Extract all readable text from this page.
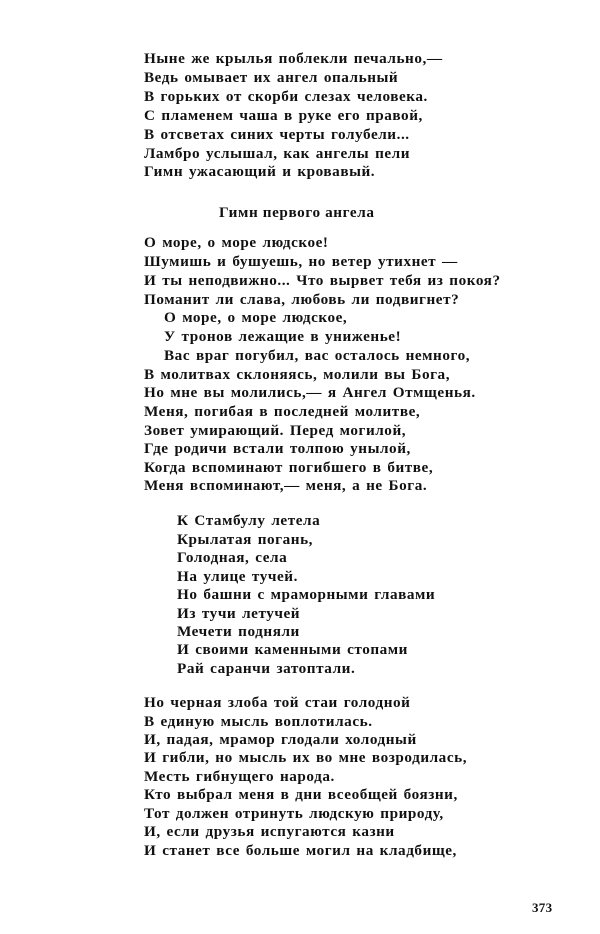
Ныне же крылья поблекли печально,—
Ведь омывает их ангел опальный
В горьких от скорби слезах человека.
С пламенем чаша в руке его правой,
В отсветах синих черты голубели...
Ламбро услышал, как ангелы пели
Гимн ужасающий и кровавый.
Гимн первого ангела
О море, о море людское!
Шумишь и бушуешь, но ветер утихнет —
И ты неподвижно... Что вырвет тебя из покоя?
Поманит ли слава, любовь ли подвигнет?
О море, о море людское,
У тронов лежащие в униженье!
Вас враг погубил, вас осталось немного,
В молитвах склоняясь, молили вы Бога,
Но мне вы молились,— я Ангел Отмщенья.
Меня, погибая в последней молитве,
Зовет умирающий. Перед могилой,
Где родичи встали толпою унылой,
Когда вспоминают погибшего в битве,
Меня вспоминают,— меня, а не Бога.
К Стамбулу летела
Крылатая погань,
Голодная, села
На улице тучей.
Но башни с мраморными главами
Из тучи летучей
Мечети подняли
И своими каменными стопами
Рай саранчи затоптали.
Но черная злоба той стаи голодной
В единую мысль воплотилась.
И, падая, мрамор глодали холодный
И гибли, но мысль их во мне возродилась,
Месть гибнущего народа.
Кто выбрал меня в дни всеобщей боязни,
Тот должен отринуть людскую природу,
И, если друзья испугаются казни
И станет все больше могил на кладбище,
373
